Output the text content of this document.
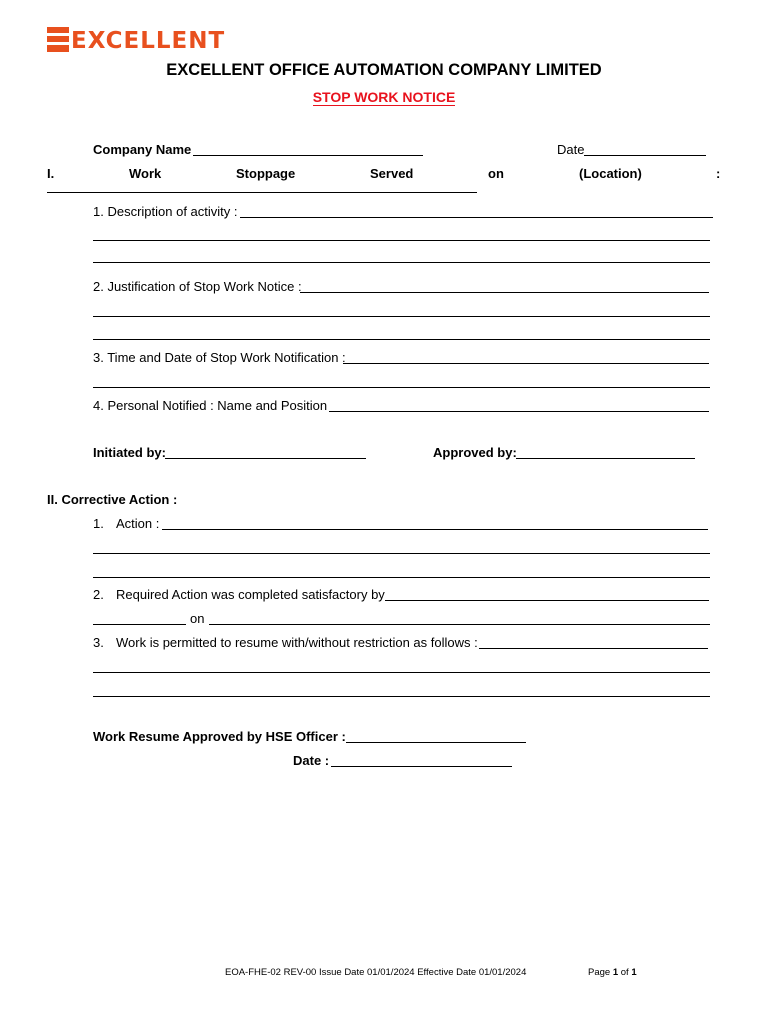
EXCELLENT
EXCELLENT OFFICE AUTOMATION COMPANY LIMITED
STOP WORK NOTICE
Company Name	Date
I.	Work	Stoppage	Served	on	(Location)	:
1. Description of activity :
2. Justification of Stop Work Notice :
3. Time and Date of Stop Work Notification :
4. Personal Notified : Name and Position
Initiated by:	Approved by:
II. Corrective Action :
1. Action :
2. Required Action was completed satisfactory by
on
3. Work is permitted to resume with/without restriction as follows :
Work Resume Approved by HSE Officer :
Date :
EOA-FHE-02 REV-00 Issue Date 01/01/2024 Effective Date 01/01/2024	Page 1 of 1
